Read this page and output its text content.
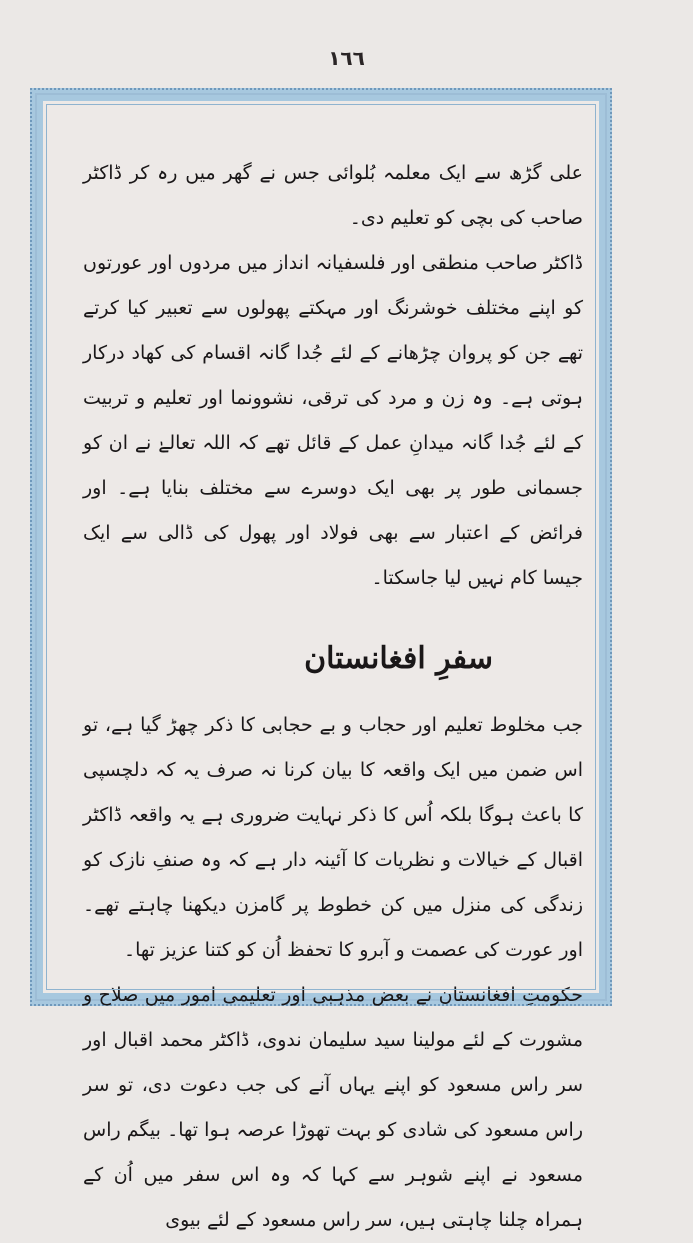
١٦٦

علی گڑھ سے ایک معلمہ بُلوائی جس نے گھر میں رہ کر ڈاکٹر صاحب کی بچی کو تعلیم دی۔

ڈاکٹر صاحب منطقی اور فلسفیانہ انداز میں مردوں اور عورتوں کو اپنے مختلف خوشرنگ اور مہکتے پھولوں سے تعبیر کیا کرتے تھے جن کو پروان چڑھانے کے لئے جُدا گانہ اقسام کی کھاد درکار ہوتی ہے۔ وہ زن و مرد کی ترقی، نشوونما اور تعلیم و تربیت کے لئے جُدا گانہ میدانِ عمل کے قائل تھے کہ اللہ تعالےٰ نے ان کو جسمانی طور پر بھی ایک دوسرے سے مختلف بنایا ہے۔ اور فرائض کے اعتبار سے بھی فولاد اور پھول کی ڈالی سے ایک جیسا کام نہیں لیا جاسکتا۔

سفرِ افغانستان

جب مخلوط تعلیم اور حجاب و بے حجابی کا ذکر چھڑ گیا ہے، تو اس ضمن میں ایک واقعہ کا بیان کرنا نہ صرف یہ کہ دلچسپی کا باعث ہوگا بلکہ اُس کا ذکر نہایت ضروری ہے یہ واقعہ ڈاکٹر اقبال کے خیالات و نظریات کا آئینہ دار ہے کہ وہ صنفِ نازک کو زندگی کی منزل میں کن خطوط پر گامزن دیکھنا چاہتے تھے۔ اور عورت کی عصمت و آبرو کا تحفظ اُن کو کتنا عزیز تھا۔

حکومتِ افغانستان نے بعض مذہبی اور تعلیمی امور میں صلاح و مشورت کے لئے مولینا سید سلیمان ندوی، ڈاکٹر محمد اقبال اور سر راس مسعود کو اپنے یہاں آنے کی جب دعوت دی، تو سر راس مسعود کی شادی کو بہت تھوڑا عرصہ ہوا تھا۔ بیگم راس مسعود نے اپنے شوہر سے کہا کہ وہ اس سفر میں اُن کے ہمراہ چلنا چاہتی ہیں، سر راس مسعود کے لئے بیوی
